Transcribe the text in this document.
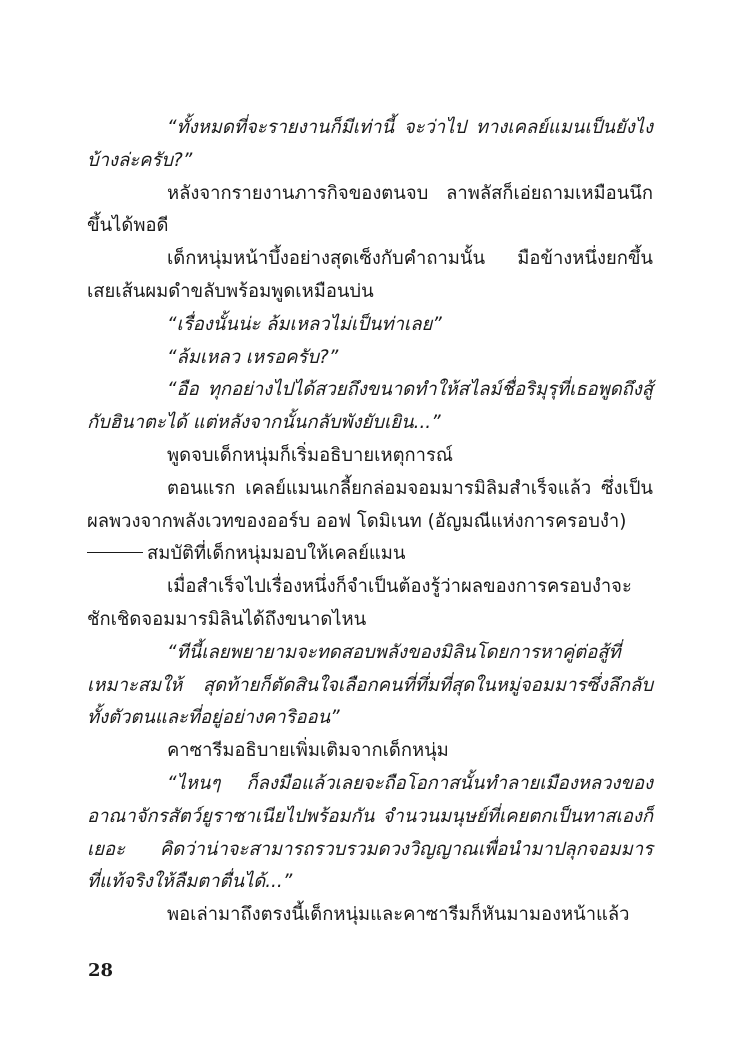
“ทั้งหมดที่จะรายงานก็มีเท่านี้ จะว่าไป ทางเคลย์แมนเป็นยังไงบ้างล่ะครับ?”

หลังจากรายงานภารกิจของตนจบ ลาพลัสก็เอ่ยถามเหมือนนึกขึ้นได้พอดี

เด็กหนุ่มหน้าบึ้งอย่างสุดเซ็งกับคำถามนั้น มือข้างหนึ่งยกขึ้นเสยเส้นผมดำขลับพร้อมพูดเหมือนบ่น

“เรื่องนั้นน่ะ ล้มเหลวไม่เป็นท่าเลย”

“ล้มเหลว เหรอครับ?”

“อือ ทุกอย่างไปได้สวยถึงขนาดทำให้สไลม์ชื่อริมุรุที่เธอพูดถึงสู้กับฮินาตะได้ แต่หลังจากนั้นกลับพังยับเยิน...”

พูดจบเด็กหนุ่มก็เริ่มอธิบายเหตุการณ์

ตอนแรก เคลย์แมนเกลี้ยกล่อมจอมมารมิลิมสำเร็จแล้ว ซึ่งเป็นผลพวงจากพลังเวทของออร์บ ออฟ โดมิเนท (อัญมณีแห่งการครอบงำ)

สมบัติที่เด็กหนุ่มมอบให้เคลย์แมน

เมื่อสำเร็จไปเรื่องหนึ่งก็จำเป็นต้องรู้ว่าผลของการครอบงำจะชักเชิดจอมมารมิลินได้ถึงขนาดไหน

“ทีนี้เลยพยายามจะทดสอบพลังของมิลินโดยการหาคู่ต่อสู้ที่เหมาะสมให้ สุดท้ายก็ตัดสินใจเลือกคนที่ทึ่มที่สุดในหมู่จอมมารซึ่งลึกลับทั้งตัวตนและที่อยู่อย่างคาริออน”

คาซารีมอธิบายเพิ่มเติมจากเด็กหนุ่ม

“ไหนๆ ก็ลงมือแล้วเลยจะถือโอกาสนั้นทำลายเมืองหลวงของอาณาจักรสัตว์ยูราซาเนียไปพร้อมกัน จำนวนมนุษย์ที่เคยตกเป็นทาสเองก็เยอะ คิดว่าน่าจะสามารถรวบรวมดวงวิญญาณเพื่อนำมาปลุกจอมมารที่แท้จริงให้ลืมตาตื่นได้...”

พอเล่ามาถึงตรงนี้เด็กหนุ่มและคาซารีมก็หันมามองหน้าแล้ว

28
